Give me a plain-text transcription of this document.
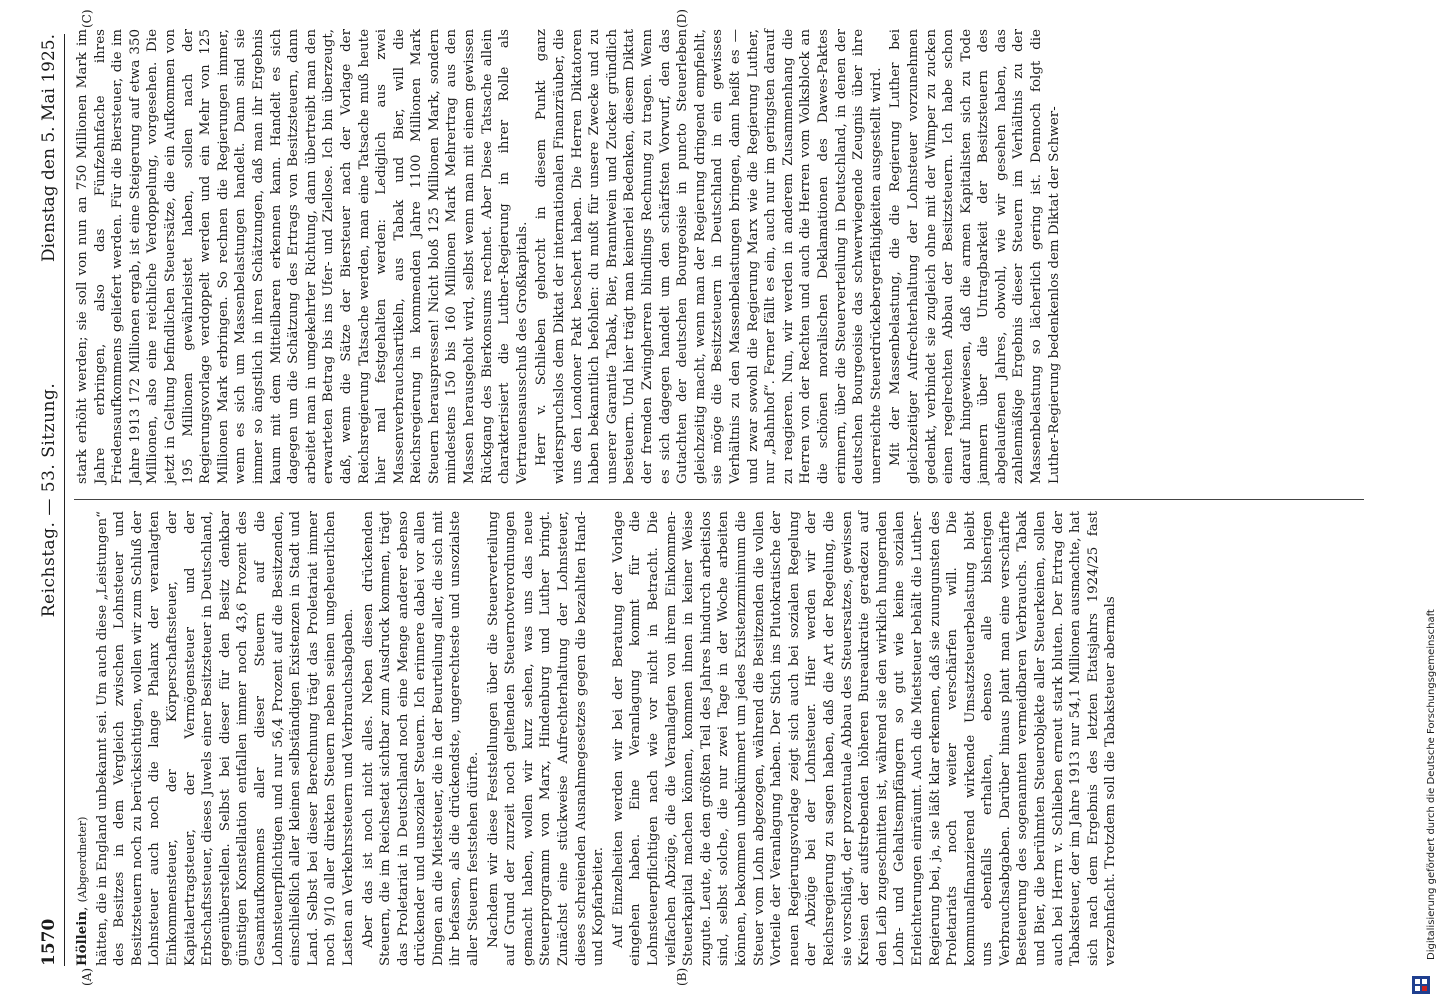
1570
Reichstag. — 53. Sitzung.
Dienstag den 5. Mai 1925.
(A)	(B)
(C)	(D)

Höllein, (Abgeordneter) hätten, die in England unbekannt sei. Um auch diese „Leistungen“ des Besitzes in dem Vergleich zwischen Lohnsteuer und Besitzsteuern noch zu berücksichtigen, wollen wir zum Schluß der Lohnsteuer auch noch die lange Phalanx der veranlagten Einkommensteuer, der Körperschaftssteuer, der Kapitalertragsteuer, der Vermögensteuer und der Erbschaftssteuer, dieses Juwels einer Besitzsteuer in Deutschland, gegenüberstellen. Selbst bei dieser für den Besitz denkbar günstigen Konstellation entfallen immer noch 43,6 Prozent des Gesamtaufkommens aller dieser Steuern auf die Lohnsteuerpflichtigen und nur 56,4 Prozent auf die Besitzenden, einschließlich aller kleinen selbständigen Existenzen in Stadt und Land. Selbst bei dieser Berechnung trägt das Proletariat immer noch 9/10 aller direkten Steuern neben seinen ungeheuerlichen Lasten an Verkehrssteuern und Verbrauchsabgaben. Aber das ist noch nicht alles. Neben diesen drückenden Steuern, die im Reichsetat sichtbar zum Ausdruck kommen, trägt das Proletariat in Deutschland noch eine Menge anderer ebenso drückender und unsozialer Steuern. Ich erinnere dabei vor allen Dingen an die Mietsteuer, die in der Beurteilung aller, die sich mit ihr befassen, als die drückendste, ungerechteste und unsozialste aller Steuern feststehen dürfte. Nachdem wir diese Feststellungen über die Steuerverteilung auf Grund der zurzeit noch geltenden Steuernotverordnungen gemacht haben, wollen wir kurz sehen, was uns das neue Steuerprogramm von Marx, Hindenburg und Luther bringt. Zunächst eine stückweise Aufrechterhaltung der Lohnsteuer, dieses schreienden Ausnahmegesetzes gegen die bezahlten Hand- und Kopfarbeiter. Auf Einzelheiten werden wir bei der Beratung der Vorlage eingehen haben. Eine Veranlagung kommt für die Lohnsteuerpflichtigen nach wie vor nicht in Betracht. Die vielfachen Abzüge, die die Veranlagten von ihrem Einkommen-Steuerkapital machen können, kommen ihnen in keiner Weise zugute. Leute, die den größten Teil des Jahres hindurch arbeitslos sind, selbst solche, die nur zwei Tage in der Woche arbeiten können, bekommen unbekümmert um jedes Existenzminimum die Steuer vom Lohn abgezogen, während die Besitzenden die vollen Vorteile der Veranlagung haben. Der Stich ins Plutokratische der neuen Regierungsvorlage zeigt sich auch bei sozialen Regelung der Abzüge bei der Lohnsteuer. Hier werden wir der Reichsregierung zu sagen haben, daß die Art der Regelung, die sie vorschlägt, der prozentuale Abbau des Steuersatzes, gewissen Kreisen der aufstrebenden höheren Bureaukratie geradezu auf den Leib zugeschnitten ist, während sie den wirklich hungernden Lohn- und Gehaltsempfängern so gut wie keine sozialen Erleichterungen einräumt. Auch die Mietsteuer behält die Luther-Regierung bei, ja, sie läßt klar erkennen, daß sie zuungunsten des Proletariats noch weiter verschärfen will. Die kommunalfinanzierend wirkende Umsatzsteuerbelastung bleibt uns ebenfalls erhalten, ebenso alle bisherigen Verbrauchsabgaben. Darüber hinaus plant man eine verschärfte Besteuerung des sogenannten vermeidbaren Verbrauchs. Tabak und Bier, die berühmten Steuerobjekte aller Steuerkeinen, sollen auch bei Herrn v. Schlieben erneut stark bluten. Der Ertrag der Tabaksteuer, der im Jahre 1913 nur 54,1 Millionen ausmachte, hat sich nach dem Ergebnis des letzten Etatsjahrs 1924/25 fast verzehnfacht. Trotzdem soll die Tabaksteuer abermals

stark erhöht werden; sie soll von nun an 750 Millionen Mark im Jahre erbringen, also das Fünfzehnfache ihres Friedensaufkommens geliefert werden. Für die Biersteuer, die im Jahre 1913 172 Millionen ergab, ist eine Steigerung auf etwa 350 Millionen, also eine reichliche Verdoppelung, vorgesehen. Die jetzt in Geltung befindlichen Steuersätze, die ein Aufkommen von 195 Millionen gewährleistet haben, sollen nach der Regierungsvorlage verdoppelt werden und ein Mehr von 125 Millionen Mark erbringen. So rechnen die Regierungen immer, wenn es sich um Massenbelastungen handelt. Dann sind sie immer so ängstlich in ihren Schätzungen, daß man ihr Ergebnis kaum mit dem Mitteilbaren erkennen kann. Handelt es sich dagegen um die Schätzung des Ertrags von Besitzsteuern, dann arbeitet man in umgekehrter Richtung, dann übertreibt man den erwarteten Betrag bis ins Ufer- und Ziellose. Ich bin überzeugt, daß, wenn die Sätze der Biersteuer nach der Vorlage der Reichsregierung Tatsache werden, man eine Tatsache muß heute hier mal festgehalten werden: Lediglich aus zwei Massenverbrauchsartikeln, aus Tabak und Bier, will die Reichsregierung in kommenden Jahre 1100 Millionen Mark Steuern herauspressen! Nicht bloß 125 Millionen Mark, sondern mindestens 150 bis 160 Millionen Mark Mehrertrag aus den Massen herausgeholt wird, selbst wenn man mit einem gewissen Rückgang des Bierkonsums rechnet. Aber Diese Tatsache allein charakterisiert die Luther-Regierung in ihrer Rolle als Vertrauensausschuß des Großkapitals. Herr v. Schlieben gehorcht in diesem Punkt ganz widerspruchslos dem Diktat der internationalen Finanzräuber, die uns den Londoner Pakt beschert haben. Die Herren Diktatoren haben bekanntlich befohlen: du mußt für unsere Zwecke und zu unserer Garantie Tabak, Bier, Branntwein und Zucker gründlich besteuern. Und hier trägt man keinerlei Bedenken, diesem Diktat der fremden Zwingherren blindlings Rechnung zu tragen. Wenn es sich dagegen handelt um den schärfsten Vorwurf, den das Gutachten der deutschen Bourgeoisie in puncto Steuerleben gleichzeitig macht, wenn man der Regierung dringend empfiehlt, sie möge die Besitzsteuern in Deutschland in ein gewisses Verhältnis zu den Massenbelastungen bringen, dann heißt es — und zwar sowohl die Regierung Marx wie die Regierung Luther, nur „Bahnhof“. Ferner fällt es ein, auch nur im geringsten darauf zu reagieren. Nun, wir werden in anderem Zusammenhang die Herren von der Rechten und auch die Herren vom Volksblock an die schönen moralischen Deklamationen des Dawes-Paktes erinnern, über die Steuerverteilung in Deutschland, in denen der deutschen Bourgeoisie das schwerwiegende Zeugnis über ihre unerreichte Steuerdrückebergerfähigkeiten ausgestellt wird. Mit der Massenbelastung, die die Regierung Luther bei gleichzeitiger Aufrechterhaltung der Lohnsteuer vorzunehmen gedenkt, verbindet sie zugleich ohne mit der Wimper zu zucken einen regelrechten Abbau der Besitzsteuern. Ich habe schon darauf hingewiesen, daß die armen Kapitalisten sich zu Tode jammern über die Untragbarkeit der Besitzsteuern des abgelaufenen Jahres, obwohl, wie wir gesehen haben, das zahlenmäßige Ergebnis dieser Steuern im Verhältnis zu der Massenbelastung so lächerlich gering ist. Dennoch folgt die Luther-Regierung bedenkenlos dem Diktat der Schwer-

Digitalisierung gefördert durch die Deutsche Forschungsgemeinschaft
